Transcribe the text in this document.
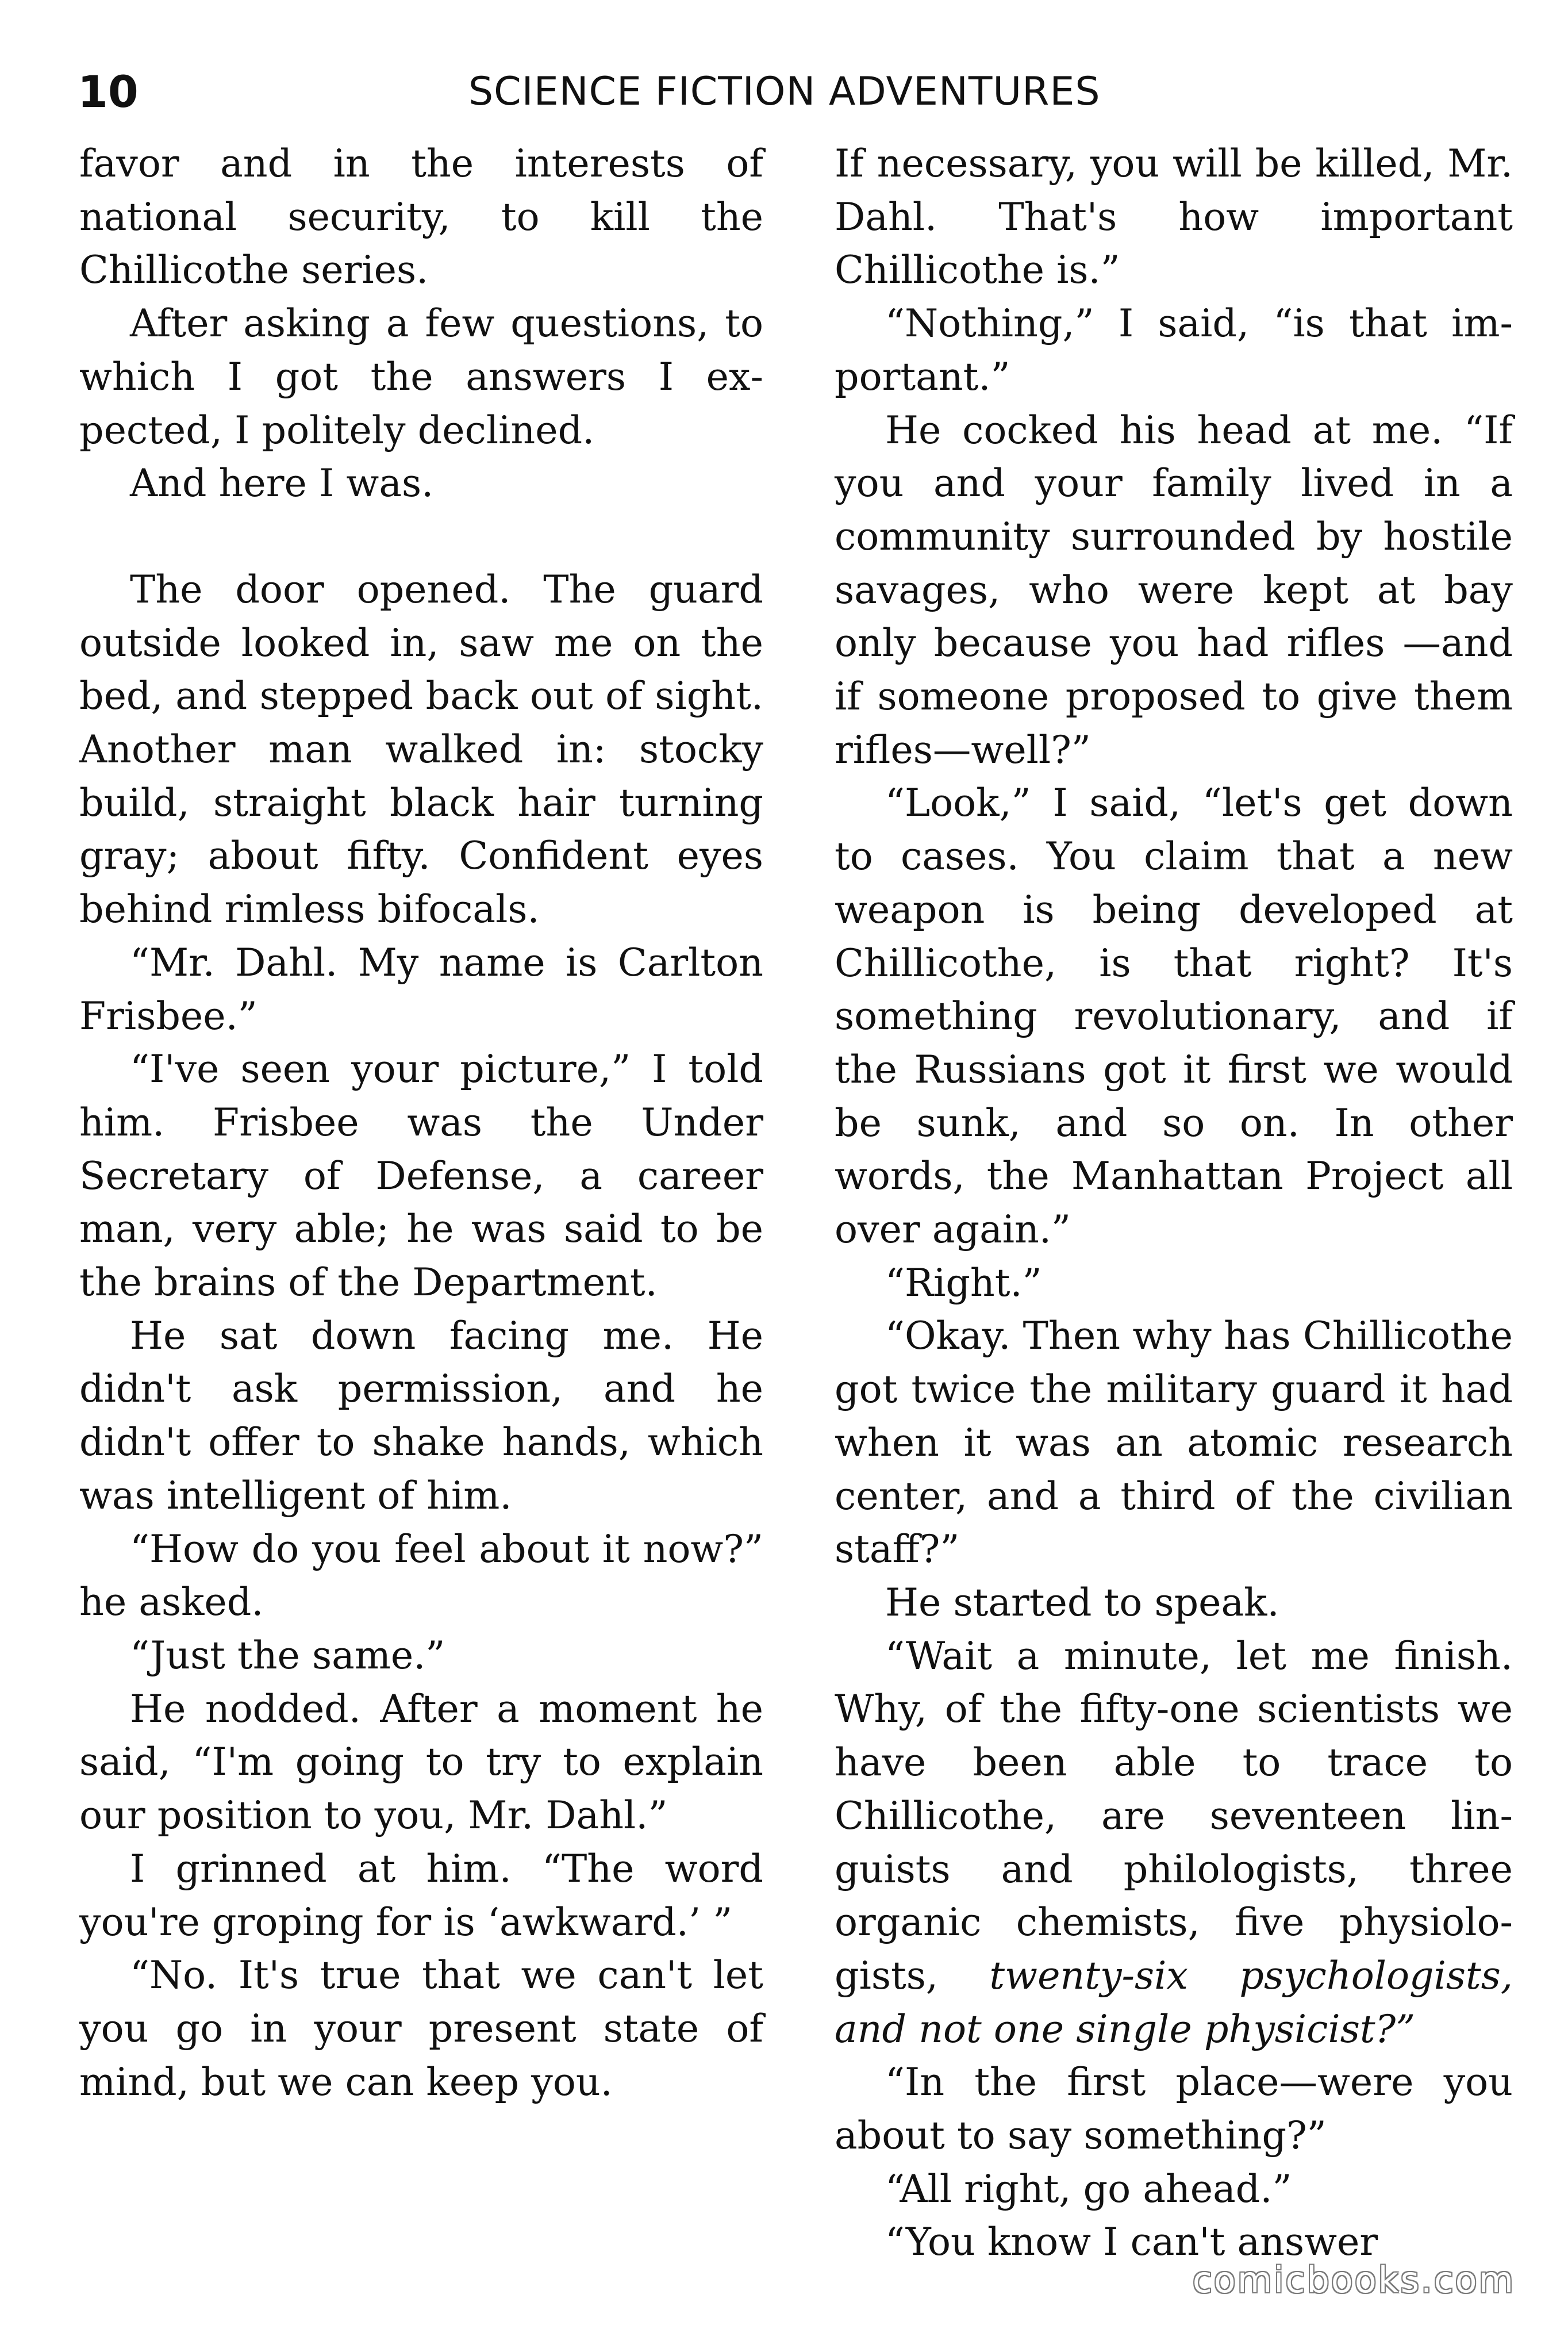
10	SCIENCE FICTION ADVENTURES

favor and in the interests of national security, to kill the Chillicothe series.

After asking a few questions, to which I got the answers I expected, I politely declined.

And here I was.

The door opened. The guard outside looked in, saw me on the bed, and stepped back out of sight. Another man walked in: stocky build, straight black hair turning gray; about fifty. Confident eyes behind rimless bifocals.

“Mr. Dahl. My name is Carlton Frisbee.”

“I've seen your picture,” I told him. Frisbee was the Under Secretary of Defense, a career man, very able; he was said to be the brains of the Department.

He sat down facing me. He didn't ask permission, and he didn't offer to shake hands, which was intelligent of him.

“How do you feel about it now?” he asked.

“Just the same.”

He nodded. After a moment he said, “I'm going to try to explain our position to you, Mr. Dahl.”

I grinned at him. “The word you're groping for is ‘awkward.’ ”

“No. It's true that we can't let you go in your present state of mind, but we can keep you.

If necessary, you will be killed, Mr. Dahl. That's how important Chillicothe is.”

“Nothing,” I said, “is that important.”

He cocked his head at me. “If you and your family lived in a community surrounded by hostile savages, who were kept at bay only because you had rifles —and if someone proposed to give them rifles—well?”

“Look,” I said, “let's get down to cases. You claim that a new weapon is being developed at Chillicothe, is that right? It's something revolutionary, and if the Russians got it first we would be sunk, and so on. In other words, the Manhattan Project all over again.”

“Right.”

“Okay. Then why has Chillicothe got twice the military guard it had when it was an atomic research center, and a third of the civilian staff?”

He started to speak.

“Wait a minute, let me finish. Why, of the fifty-one scientists we have been able to trace to Chillicothe, are seventeen linguists and philologists, three organic chemists, five physiologists, twenty-six psychologists, and not one single physicist?”

“In the first place—were you about to say something?”

“All right, go ahead.”

“You know I can't answer

comicbooks.com
